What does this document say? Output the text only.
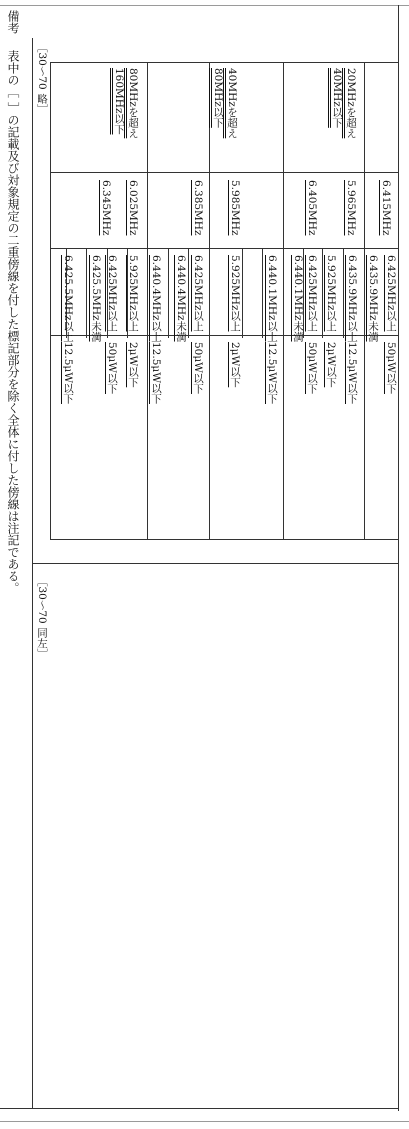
備考
表中の［ ］の記載及び対象規定の二重傍線を付した標記部分を除く全体に付した傍線は注記である。 ［30～70 略］
［30～70 同左］
6.415MHz
6.425MHz以上
6.435.9MHz未満
50μW以下
20MHzを超え
40MHz以下
5.965MHz
6.405MHz
6.435.9MHz以上
5.925MHz以上
6.425MHz以上
6.440.1MHz未満
6.440.1MHz以上
12.5μW以下
2μW以下
50μW以下
12.5μW以下
40MHzを超え
80MHz以下
5.985MHz
6.385MHz
5.925MHz以上
6.425MHz以上
6.440.4MHz未満
6.440.4MHz以上
2μW以下
50μW以下
12.5μW以下
80MHzを超え
160MHz以下
6.025MHz
6.345MHz
5.925MHz以上
6.425MHz以上
6.425.5MHz未満
6.425.5MHz以上
2μW以下
50μW以下
12.5μW以下
